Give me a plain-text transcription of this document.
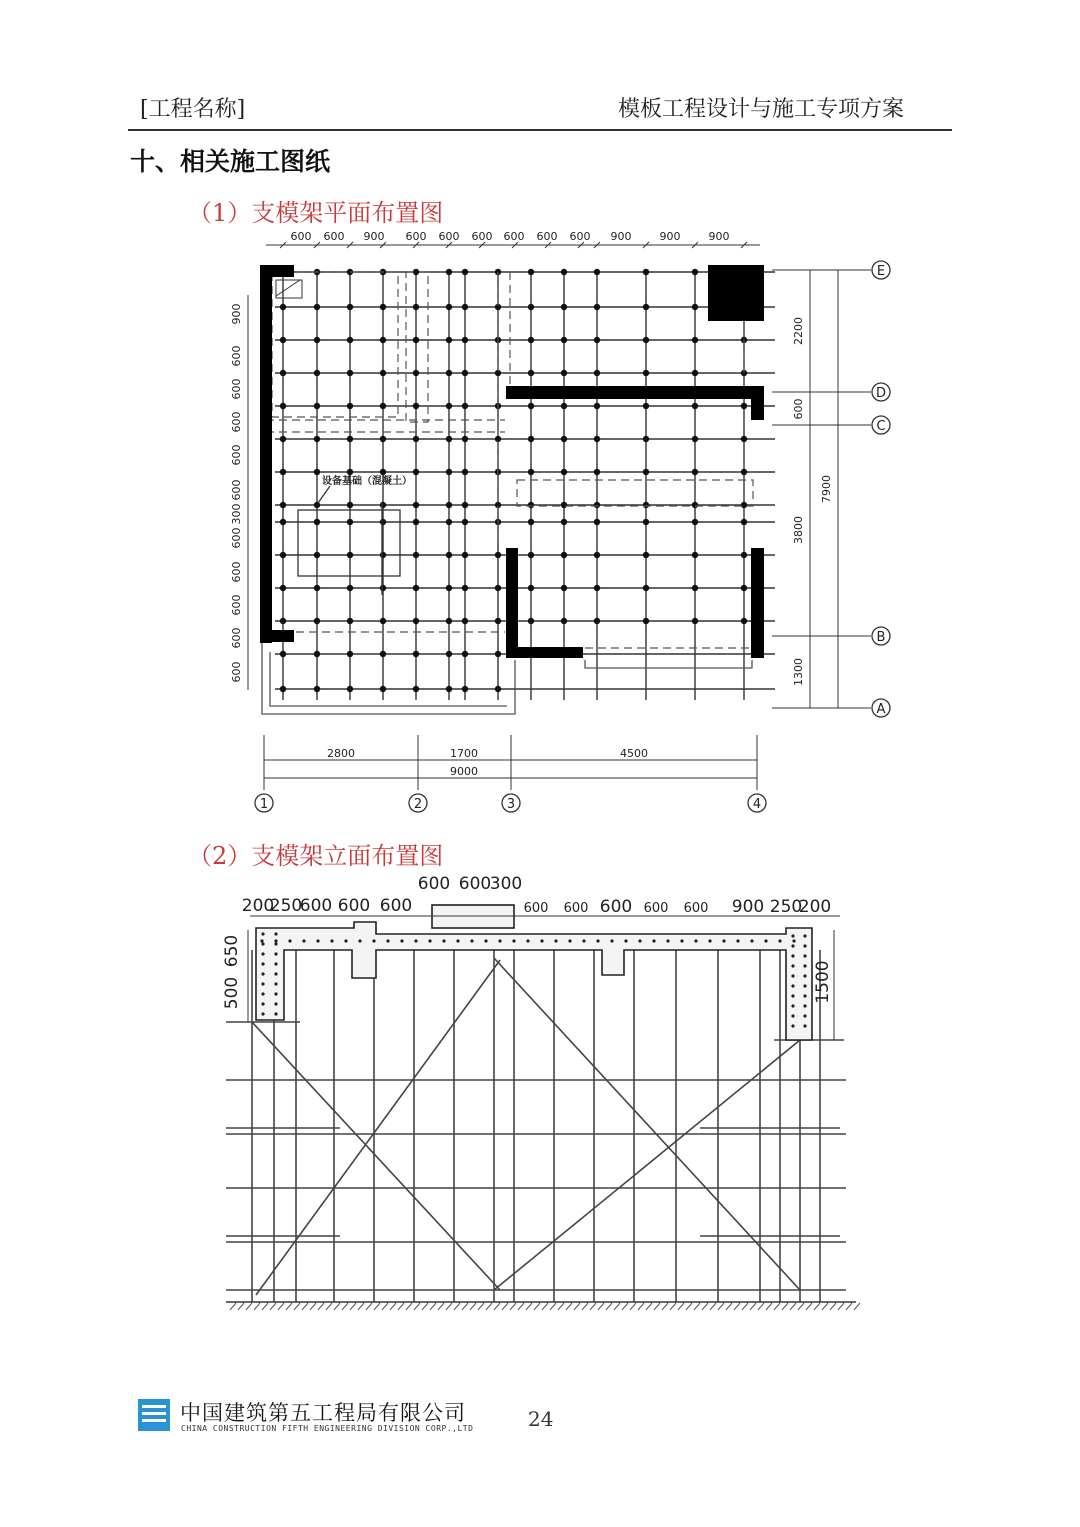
[工程名称]	模板工程设计与施工专项方案
十、相关施工图纸
（1）支模架平面布置图
（2）支模架立面布置图
设备基础（混凝土）
600 600 900 600 600 600 600 600 600 900	900	900
900
600
600
600
600
600
300
600
600
600
600
600
2200
600
3800
1300
7900
2800	1700	4500
9000
E
D
C
B
A
1	2	3	4
200
250
600 600 600
600 600
300
600 600 600 600 600 900 250
200
650
500	1500
中国建筑第五工程局有限公司
CHINA CONSTRUCTION FIFTH ENGINEERING DIVISION CORP.,LTD	24
